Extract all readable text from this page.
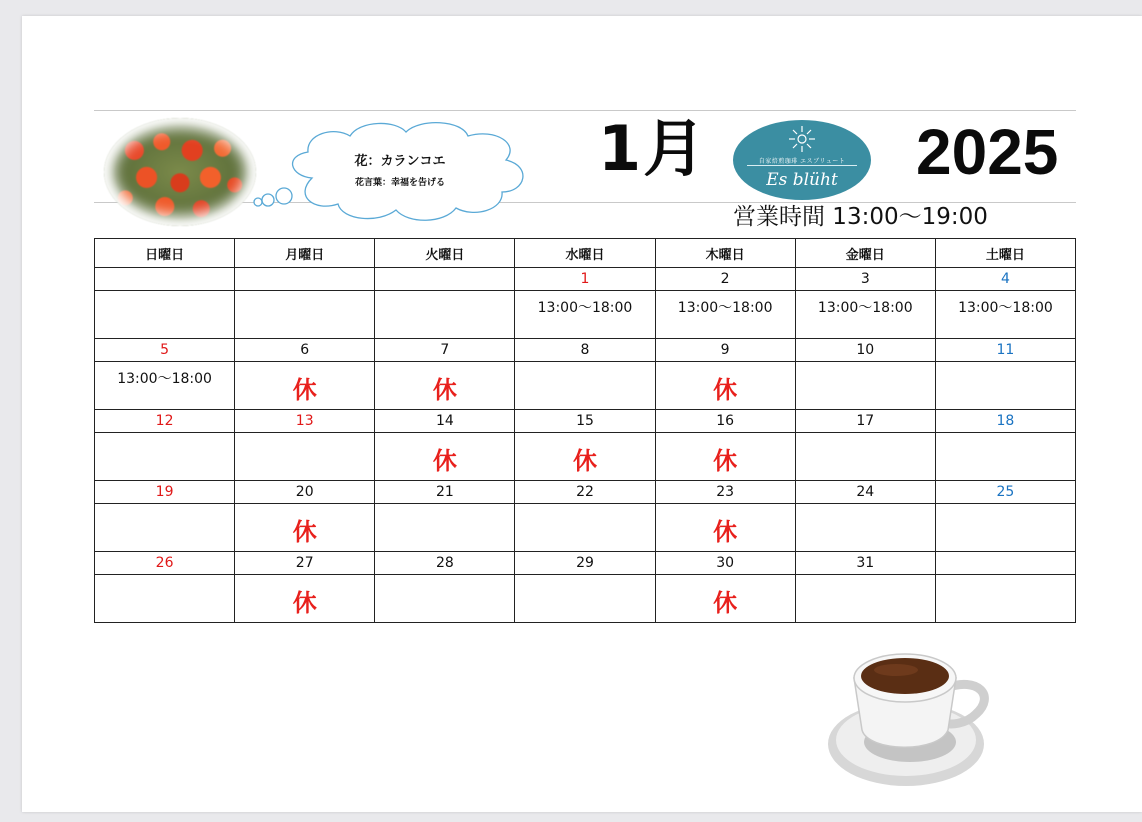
花：カランコエ
花言葉：幸福を告げる	1月	自家焙煎珈琲 エスブリュート
Es blüht	2025
営業時間 13:00～19:00
日曜日	月曜日	火曜日	水曜日	木曜日	金曜日	土曜日
			1	2	3	4
			13:00～18:00	13:00～18:00	13:00～18:00	13:00～18:00
5	6	7	8	9	10	11
13:00～18:00	休	休		休		
12	13	14	15	16	17	18
		休	休	休		
19	20	21	22	23	24	25
	休			休		
26	27	28	29	30	31	
	休			休		
